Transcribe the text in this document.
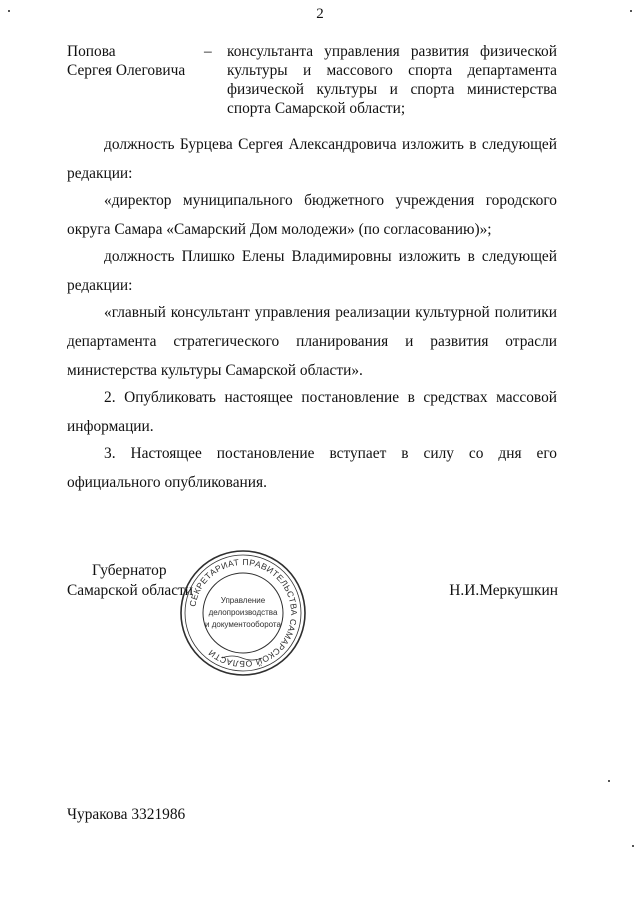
2
Попова
Сергея Олеговича
– консультанта управления развития физической культуры и массового спорта департамента физической культуры и спорта министерства спорта Самарской области;

должность Бурцева Сергея Александровича изложить в следующей редакции:

«директор муниципального бюджетного учреждения городского округа Самара «Самарский Дом молодежи» (по согласованию)»;

должность Плишко Елены Владимировны изложить в следующей редакции:

«главный консультант управления реализации культурной политики департамента стратегического планирования и развития отрасли министерства культуры Самарской области».

2. Опубликовать настоящее постановление в средствах массовой информации.

3. Настоящее постановление вступает в силу со дня его официального опубликования.

Губернатор
Самарской области
СЕКРЕТАРИАТ ПРАВИТЕЛЬСТВА САМАРСКОЙ ОБЛАСТИ
Управление
делопроизводства
и документооборота
Н.И.Меркушкин
Чуракова 3321986
